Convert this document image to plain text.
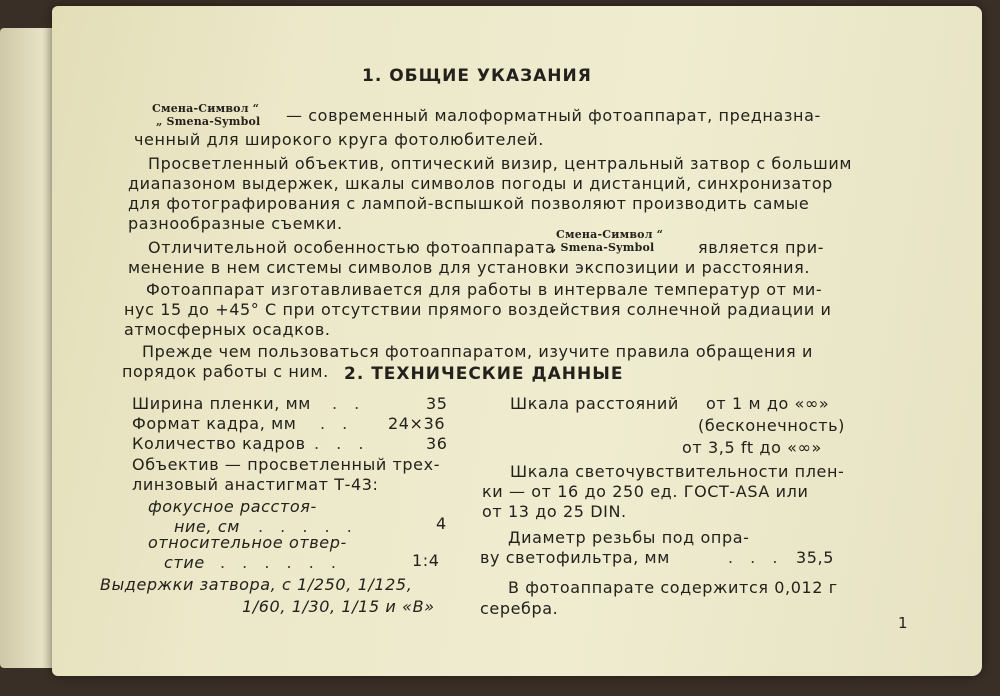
1. ОБЩИЕ УКАЗАНИЯ
Смена-Символ “
„ Smena-Symbol — современный малоформатный фотоаппарат, предназна-
ченный для широкого круга фотолюбителей.
Просветленный объектив, оптический визир, центральный затвор с большим
диапазоном выдержек, шкалы символов погоды и дистанций, синхронизатор
для фотографирования с лампой-вспышкой позволяют производить самые
разнообразные съемки.
Отличительной особенностью фотоаппарата
Смена-Символ “
„ Smena-Symbol	является при-
менение в нем системы символов для установки экспозиции и расстояния.
Фотоаппарат изготавливается для работы в интервале температур от ми-
нус 15 до +45° С при отсутствии прямого воздействия солнечной радиации и
атмосферных осадков.
Прежде чем пользоваться фотоаппаратом, изучите правила обращения и
порядок работы с ним. 2. ТЕХНИЧЕСКИЕ ДАННЫЕ
Ширина пленки, мм . .	35
Формат кадра, мм . . 24×36
Количество кадров . . .	36
Объектив — просветленный трех-
линзовый анастигмат Т-43:
фокусное расстоя-
ние, см . . . . .	4
относительное отвер-
стие . . . . . .	1:4
Выдержки затвора, с 1/250, 1/125,
1/60, 1/30, 1/15 и «В»
Шкала расстояний от 1 м до «∞»
(бесконечность)
от 3,5 ft до «∞»
Шкала светочувствительности плен-
ки — от 16 до 250 ед. ГОСТ-ASA или
от 13 до 25 DIN.
Диаметр резьбы под опра-
ву светофильтра, мм	. . . 35,5
В фотоаппарате содержится 0,012 г
серебра.
1
